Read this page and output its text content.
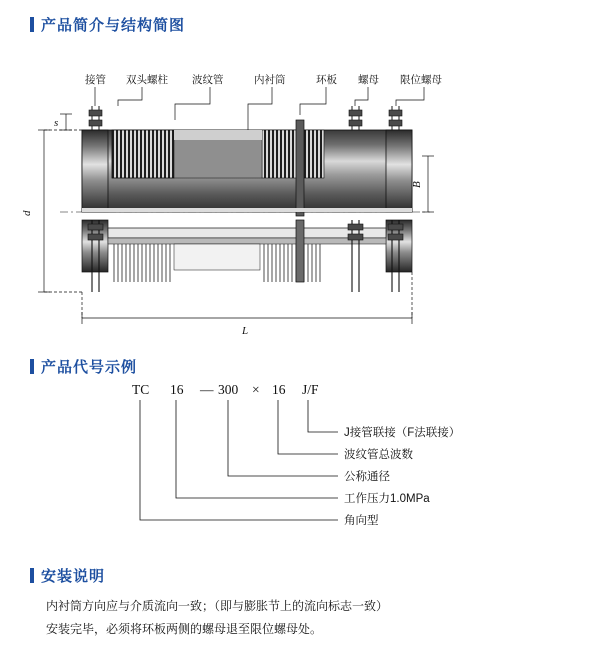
产品简介与结构简图
接管 双头螺柱 波纹管	内衬筒	环板 螺母 限位螺母
s
d
B
L
产品代号示例
TC 16 — 300 × 16 J/F
J接管联接（F法联接）
波纹管总波数
公称通径
工作压力1.0MPa
角向型
安装说明

内衬筒方向应与介质流向一致；（即与膨胀节上的流向标志一致）

安装完毕，必须将环板两侧的螺母退至限位螺母处。
